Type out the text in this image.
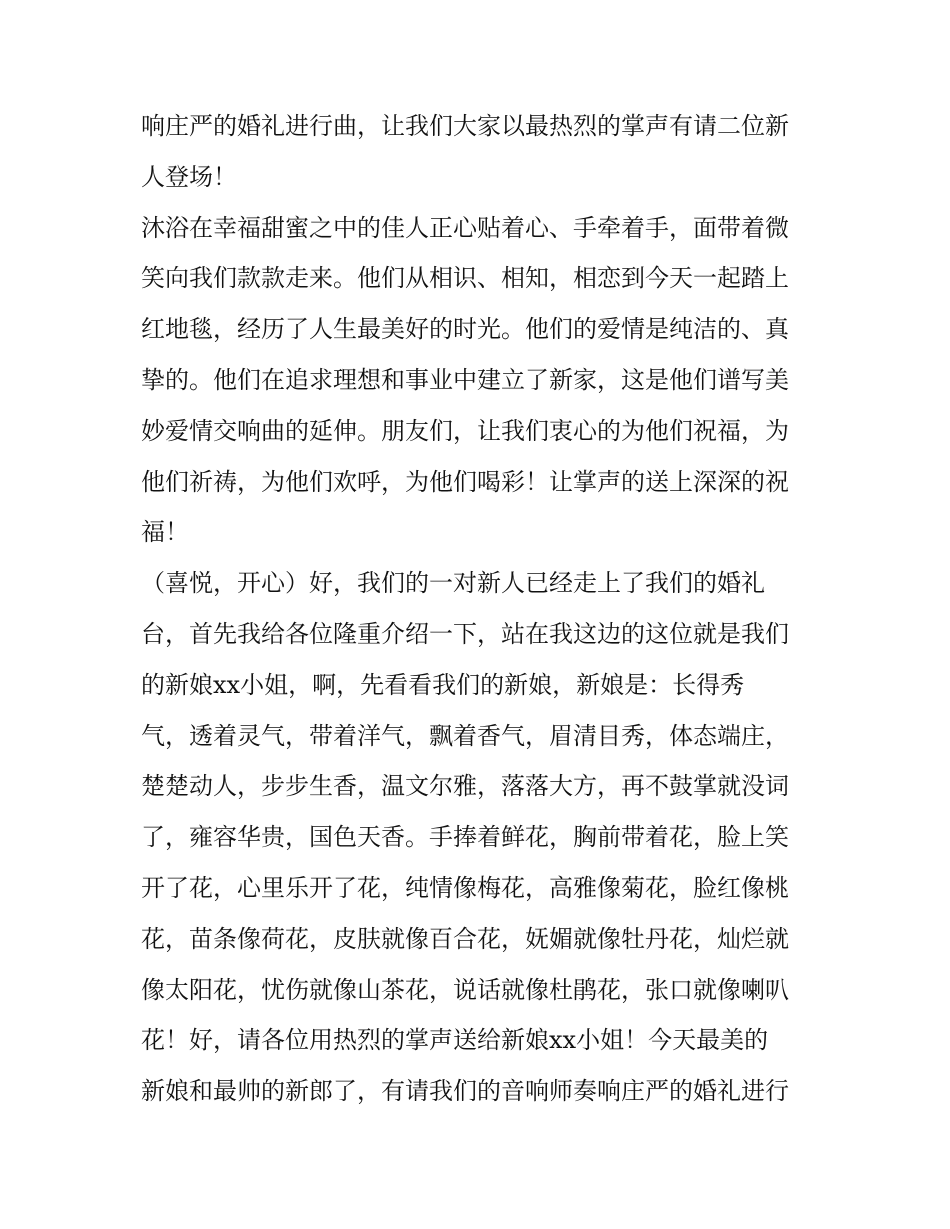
响庄严的婚礼进行曲，让我们大家以最热烈的掌声有请二位新
人登场！
沐浴在幸福甜蜜之中的佳人正心贴着心、手牵着手，面带着微
笑向我们款款走来。他们从相识、相知，相恋到今天一起踏上
红地毯，经历了人生最美好的时光。他们的爱情是纯洁的、真
挚的。他们在追求理想和事业中建立了新家，这是他们谱写美
妙爱情交响曲的延伸。朋友们，让我们衷心的为他们祝福，为
他们祈祷，为他们欢呼，为他们喝彩！让掌声的送上深深的祝
福！
（喜悦，开心）好，我们的一对新人已经走上了我们的婚礼
台，首先我给各位隆重介绍一下，站在我这边的这位就是我们
的新娘xx小姐，啊，先看看我们的新娘，新娘是：长得秀
气，透着灵气，带着洋气，飘着香气，眉清目秀，体态端庄，
楚楚动人，步步生香，温文尔雅，落落大方，再不鼓掌就没词
了，雍容华贵，国色天香。手捧着鲜花，胸前带着花，脸上笑
开了花，心里乐开了花，纯情像梅花，高雅像菊花，脸红像桃
花，苗条像荷花，皮肤就像百合花，妩媚就像牡丹花，灿烂就
像太阳花，忧伤就像山茶花，说话就像杜鹃花，张口就像喇叭
花！好，请各位用热烈的掌声送给新娘xx小姐！今天最美的
新娘和最帅的新郎了，有请我们的音响师奏响庄严的婚礼进行
